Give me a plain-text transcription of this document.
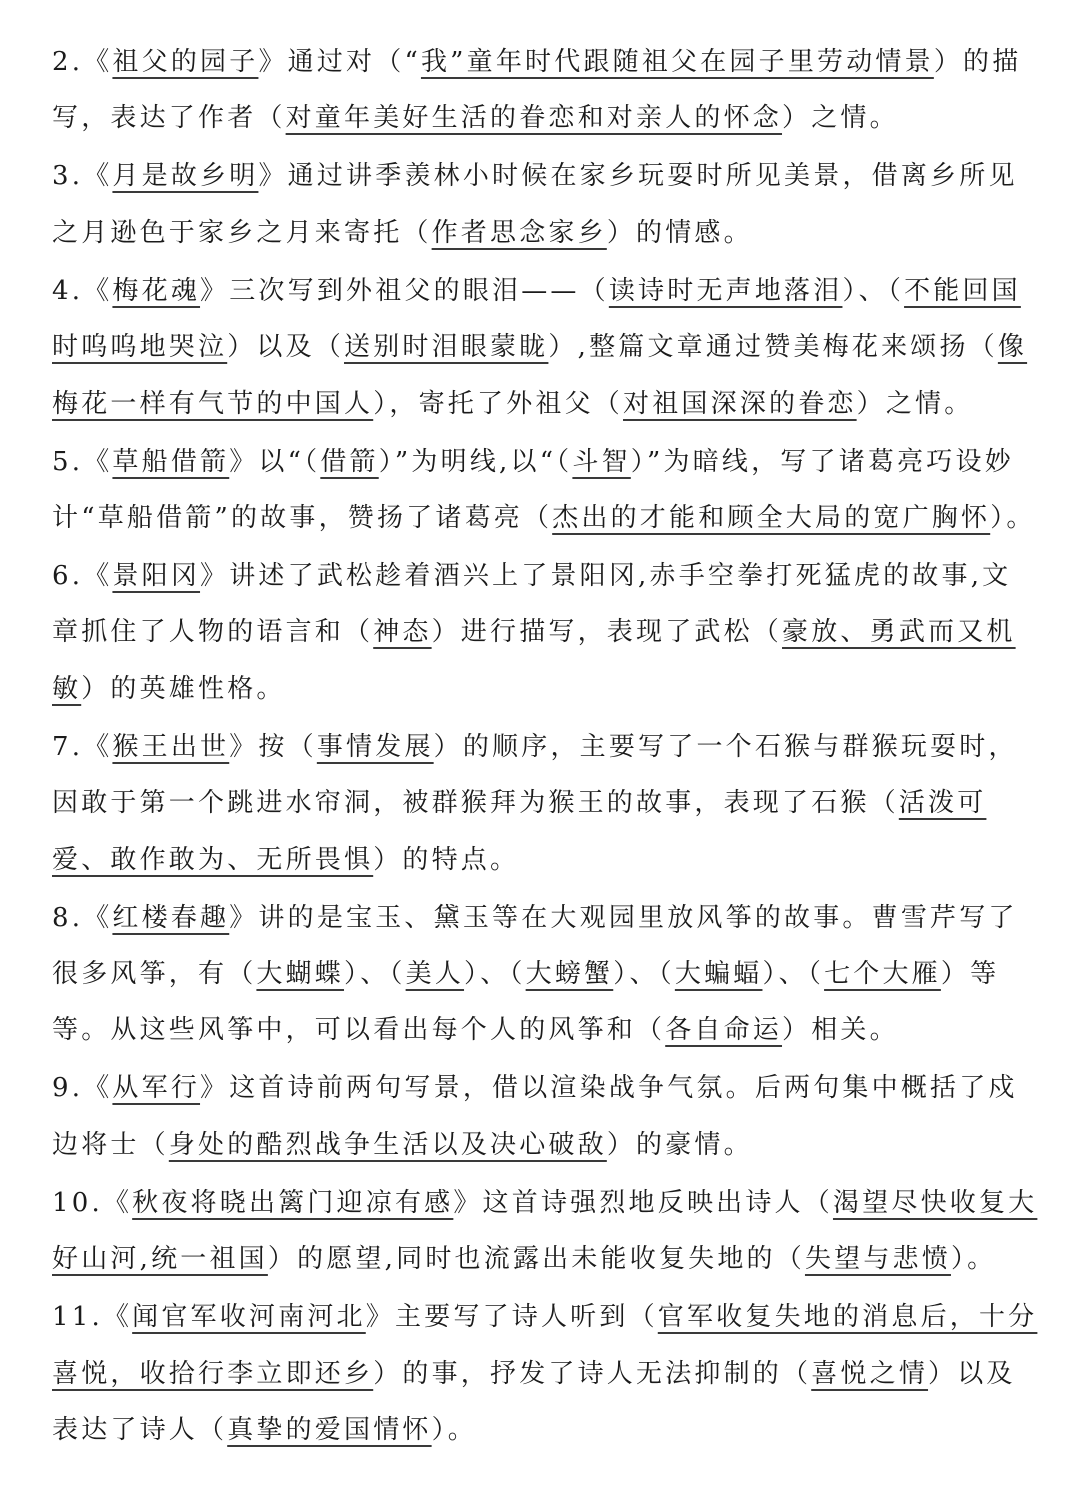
2.《祖父的园子》通过对（“我”童年时代跟随祖父在园子里劳动情景）的描写，表达了作者（对童年美好生活的眷恋和对亲人的怀念）之情。

3.《月是故乡明》通过讲季羡林小时候在家乡玩耍时所见美景，借离乡所见之月逊色于家乡之月来寄托（作者思念家乡）的情感。

4.《梅花魂》三次写到外祖父的眼泪——（读诗时无声地落泪）、（不能回国时呜呜地哭泣）以及（送别时泪眼蒙眬）,整篇文章通过赞美梅花来颂扬（像梅花一样有气节的中国人），寄托了外祖父（对祖国深深的眷恋）之情。

5.《草船借箭》以“（借箭）”为明线,以“（斗智）”为暗线，写了诸葛亮巧设妙计“草船借箭”的故事，赞扬了诸葛亮（杰出的才能和顾全大局的宽广胸怀）。

6.《景阳冈》讲述了武松趁着酒兴上了景阳冈,赤手空拳打死猛虎的故事,文章抓住了人物的语言和（神态）进行描写，表现了武松（豪放、勇武而又机敏）的英雄性格。

7.《猴王出世》按（事情发展）的顺序，主要写了一个石猴与群猴玩耍时，因敢于第一个跳进水帘洞，被群猴拜为猴王的故事，表现了石猴（活泼可爱、敢作敢为、无所畏惧）的特点。

8.《红楼春趣》讲的是宝玉、黛玉等在大观园里放风筝的故事。曹雪芹写了很多风筝，有（大蝴蝶）、（美人）、（大螃蟹）、（大蝙蝠）、（七个大雁）等等。从这些风筝中，可以看出每个人的风筝和（各自命运）相关。

9.《从军行》这首诗前两句写景，借以渲染战争气氛。后两句集中概括了戍边将士（身处的酷烈战争生活以及决心破敌）的豪情。

10.《秋夜将晓出篱门迎凉有感》这首诗强烈地反映出诗人（渴望尽快收复大好山河,统一祖国）的愿望,同时也流露出未能收复失地的（失望与悲愤）。

11.《闻官军收河南河北》主要写了诗人听到（官军收复失地的消息后，十分喜悦，收拾行李立即还乡）的事，抒发了诗人无法抑制的（喜悦之情）以及表达了诗人（真挚的爱国情怀）。
